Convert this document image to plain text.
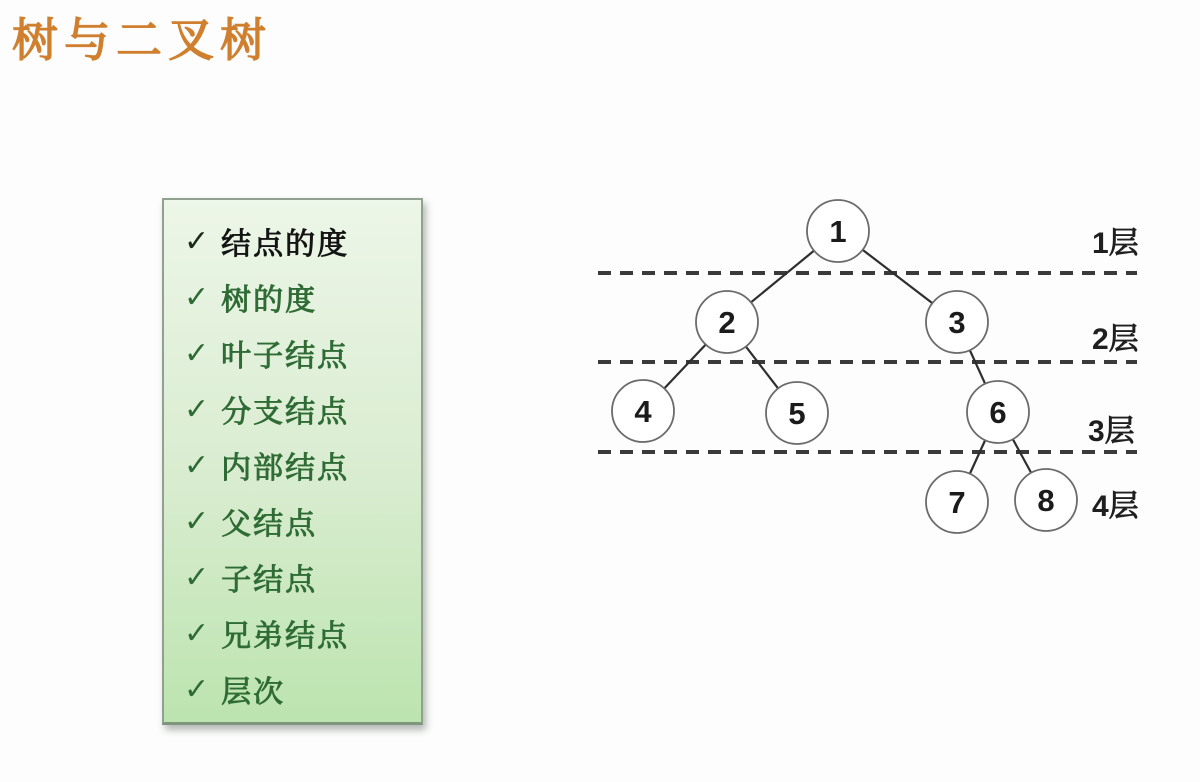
树与二叉树
✓ 结点的度
✓ 树的度
✓ 叶子结点
✓ 分支结点
✓ 内部结点
✓ 父结点
✓ 子结点
✓ 兄弟结点
✓ 层次
1
2	3
4	5	6
7 8
1层
2层
3层
4层
